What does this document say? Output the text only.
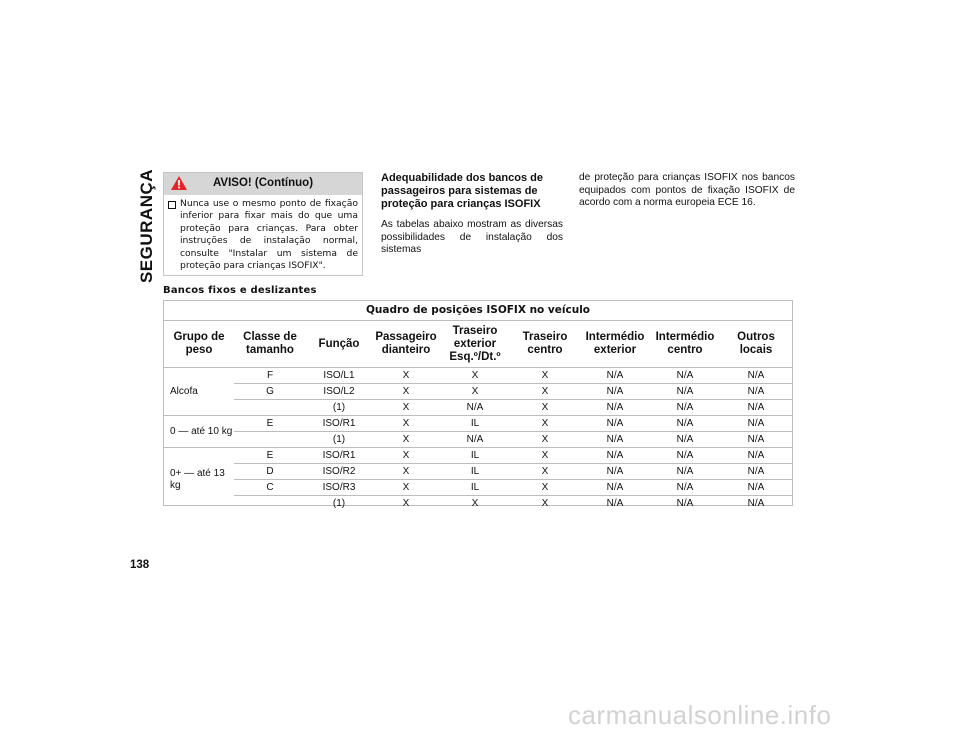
SEGURANÇA	AVISO! (Contínuo)
Nunca use o mesmo ponto de fixação inferior para fixar mais do que uma proteção para crianças. Para obter instruções de instalação normal, consulte "Instalar um sistema de proteção para crianças ISOFIX".
Adequabilidade dos bancos de passageiros para sistemas de proteção para crianças ISOFIX

As tabelas abaixo mostram as diversas possibilidades de instalação dos sistemas

de proteção para crianças ISOFIX nos bancos equipados com pontos de fixação ISOFIX de acordo com a norma europeia ECE 16.

Bancos fixos e deslizantes
Quadro de posições ISOFIX no veículo
Grupo de peso	Classe de tamanho	Função	Passageiro dianteiro	Traseiro exterior Esq.º/Dt.º	Traseiro centro	Intermédio exterior	Intermédio centro	Outros locais
Alcofa	F	ISO/L1	X	X	X	N/A	N/A	N/A
	G	ISO/L2	X	X	X	N/A	N/A	N/A
		(1)	X	N/A	X	N/A	N/A	N/A
0 — até 10 kg	E	ISO/R1	X	IL	X	N/A	N/A	N/A
		(1)	X	N/A	X	N/A	N/A	N/A
0+ — até 13 kg	E	ISO/R1	X	IL	X	N/A	N/A	N/A
	D	ISO/R2	X	IL	X	N/A	N/A	N/A
	C	ISO/R3	X	IL	X	N/A	N/A	N/A
		(1)	X	X	X	N/A	N/A	N/A
138
carmanualsonline.info
